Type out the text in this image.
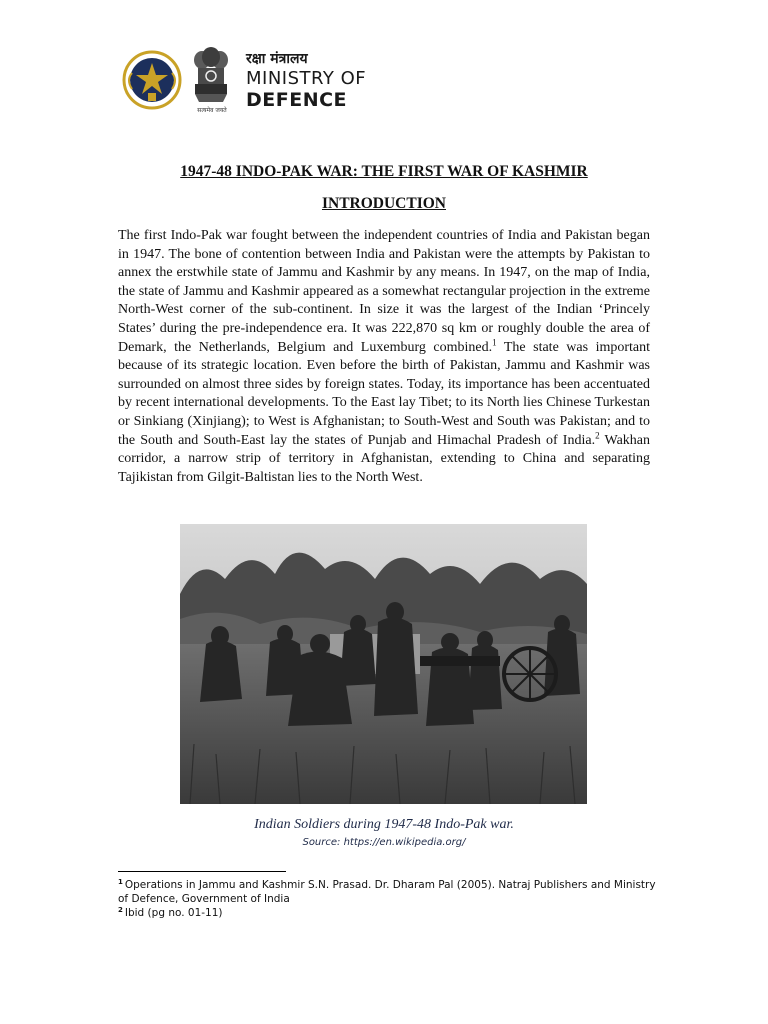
रक्षा मंत्रालय
MINISTRY OF
DEFENCE
सत्यमेव जयते
1947-48 INDO-PAK WAR: THE FIRST WAR OF KASHMIR
INTRODUCTION

The first Indo-Pak war fought between the independent countries of India and Pakistan began in 1947. The bone of contention between India and Pakistan were the attempts by Pakistan to annex the erstwhile state of Jammu and Kashmir by any means. In 1947, on the map of India, the state of Jammu and Kashmir appeared as a somewhat rectangular projection in the extreme North-West corner of the sub-continent. In size it was the largest of the Indian ‘Princely States’ during the pre-independence era. It was 222,870 sq km or roughly double the area of Demark, the Netherlands, Belgium and Luxemburg combined.$^1$ The state was important because of its strategic location. Even before the birth of Pakistan, Jammu and Kashmir was surrounded on almost three sides by foreign states. Today, its importance has been accentuated by recent international developments. To the East lay Tibet; to its North lies Chinese Turkestan or Sinkiang (Xinjiang); to West is Afghanistan; to South-West and South was Pakistan; and to the South and South-East lay the states of Punjab and Himachal Pradesh of India.$^2$ Wakhan corridor, a narrow strip of territory in Afghanistan, extending to China and separating Tajikistan from Gilgit-Baltistan lies to the North West.

Indian Soldiers during 1947-48 Indo-Pak war.

Source: https://en.wikipedia.org/

$^1$ Operations in Jammu and Kashmir S.N. Prasad. Dr. Dharam Pal (2005). Natraj Publishers and Ministry of Defence, Government of India

$^2$ Ibid (pg no. 01-11)
